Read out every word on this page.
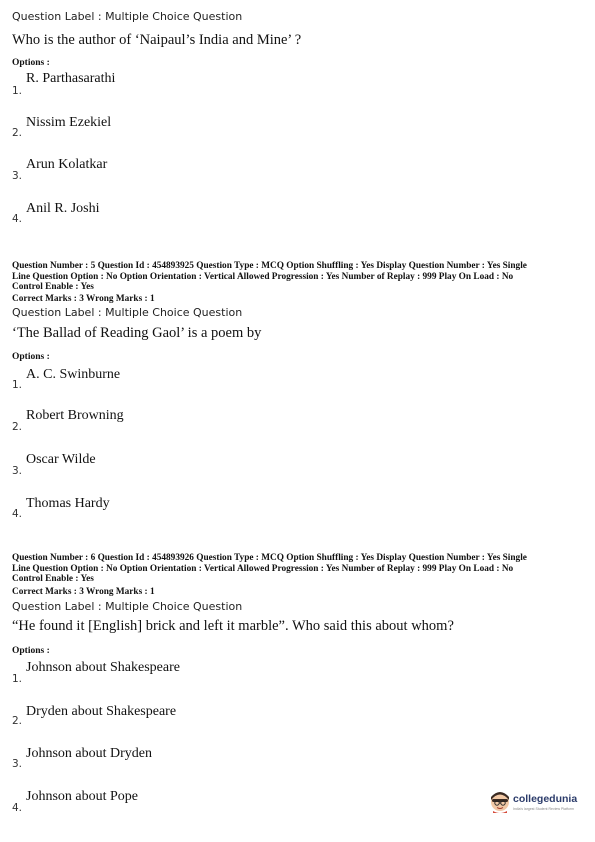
Question Label : Multiple Choice Question
Who is the author of ‘Naipaul’s India and Mine’ ?
Options :
R. Parthasarathi
1.
Nissim Ezekiel
2.
Arun Kolatkar
3.
Anil R. Joshi
4.
Question Number : 5 Question Id : 454893925 Question Type : MCQ Option Shuffling : Yes Display Question Number : Yes Single
Line Question Option : No Option Orientation : Vertical Allowed Progression : Yes Number of Replay : 999 Play On Load : No
Control Enable : Yes
Correct Marks : 3 Wrong Marks : 1
Question Label : Multiple Choice Question
‘The Ballad of Reading Gaol’ is a poem by
Options :
A. C. Swinburne
1.
Robert Browning
2.
Oscar Wilde
3.
Thomas Hardy
4.
Question Number : 6 Question Id : 454893926 Question Type : MCQ Option Shuffling : Yes Display Question Number : Yes Single
Line Question Option : No Option Orientation : Vertical Allowed Progression : Yes Number of Replay : 999 Play On Load : No
Control Enable : Yes
Correct Marks : 3 Wrong Marks : 1
Question Label : Multiple Choice Question
“He found it [English] brick and left it marble”. Who said this about whom?
Options :
Johnson about Shakespeare
1.
Dryden about Shakespeare
2.
Johnson about Dryden
3.
Johnson about Pope
4.
collegedunia
India's largest Student Review Platform
